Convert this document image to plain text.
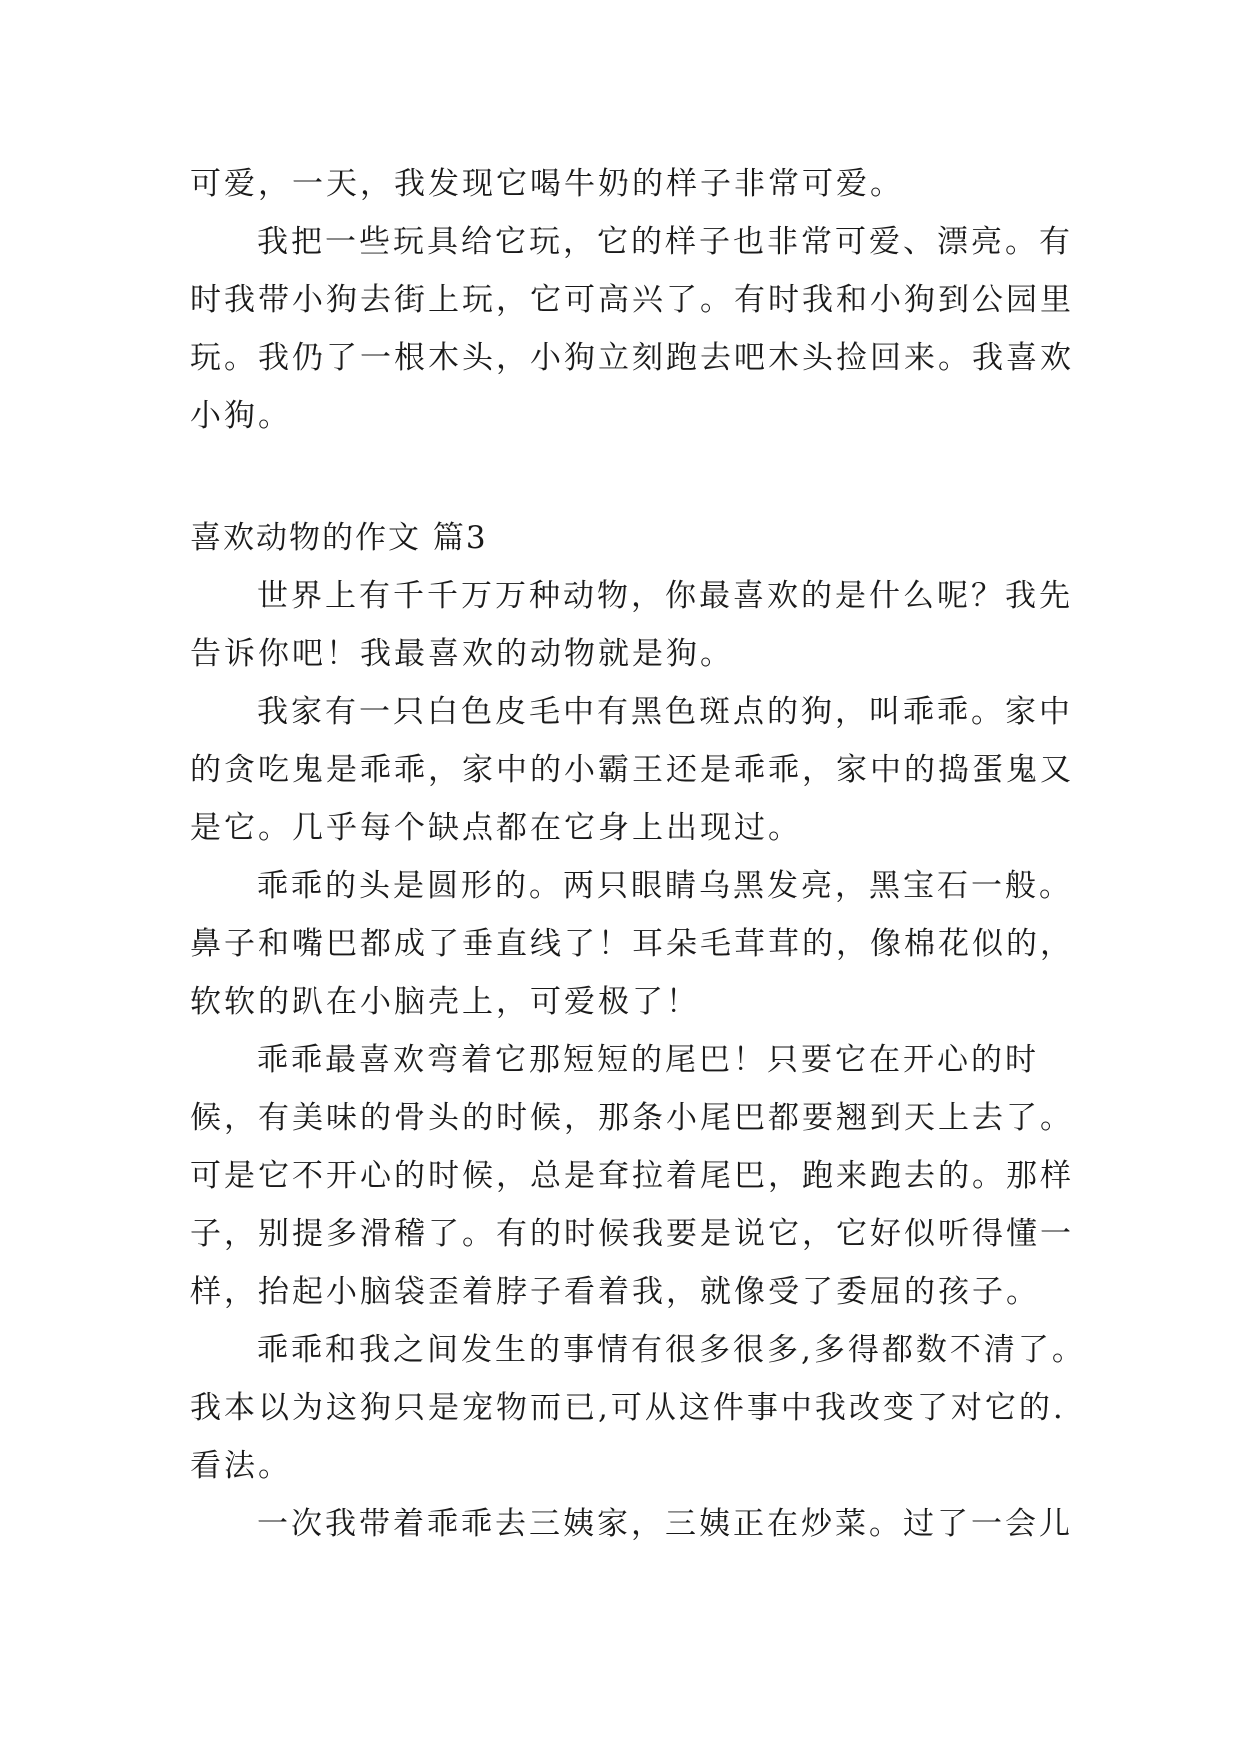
可爱，一天，我发现它喝牛奶的样子非常可爱。
我把一些玩具给它玩，它的样子也非常可爱、漂亮。有
时我带小狗去街上玩，它可高兴了。有时我和小狗到公园里
玩。我仍了一根木头，小狗立刻跑去吧木头捡回来。我喜欢
小狗。
喜欢动物的作文 篇3
世界上有千千万万种动物，你最喜欢的是什么呢？我先
告诉你吧！我最喜欢的动物就是狗。
我家有一只白色皮毛中有黑色斑点的狗，叫乖乖。家中
的贪吃鬼是乖乖，家中的小霸王还是乖乖，家中的捣蛋鬼又
是它。几乎每个缺点都在它身上出现过。
乖乖的头是圆形的。两只眼睛乌黑发亮，黑宝石一般。
鼻子和嘴巴都成了垂直线了！耳朵毛茸茸的，像棉花似的，
软软的趴在小脑壳上，可爱极了！
乖乖最喜欢弯着它那短短的尾巴！只要它在开心的时
候，有美味的骨头的时候，那条小尾巴都要翘到天上去了。
可是它不开心的时候，总是耷拉着尾巴，跑来跑去的。那样
子，别提多滑稽了。有的时候我要是说它，它好似听得懂一
样，抬起小脑袋歪着脖子看着我，就像受了委屈的孩子。
乖乖和我之间发生的事情有很多很多,多得都数不清了。
我本以为这狗只是宠物而已,可从这件事中我改变了对它的.
看法。
一次我带着乖乖去三姨家，三姨正在炒菜。过了一会儿
